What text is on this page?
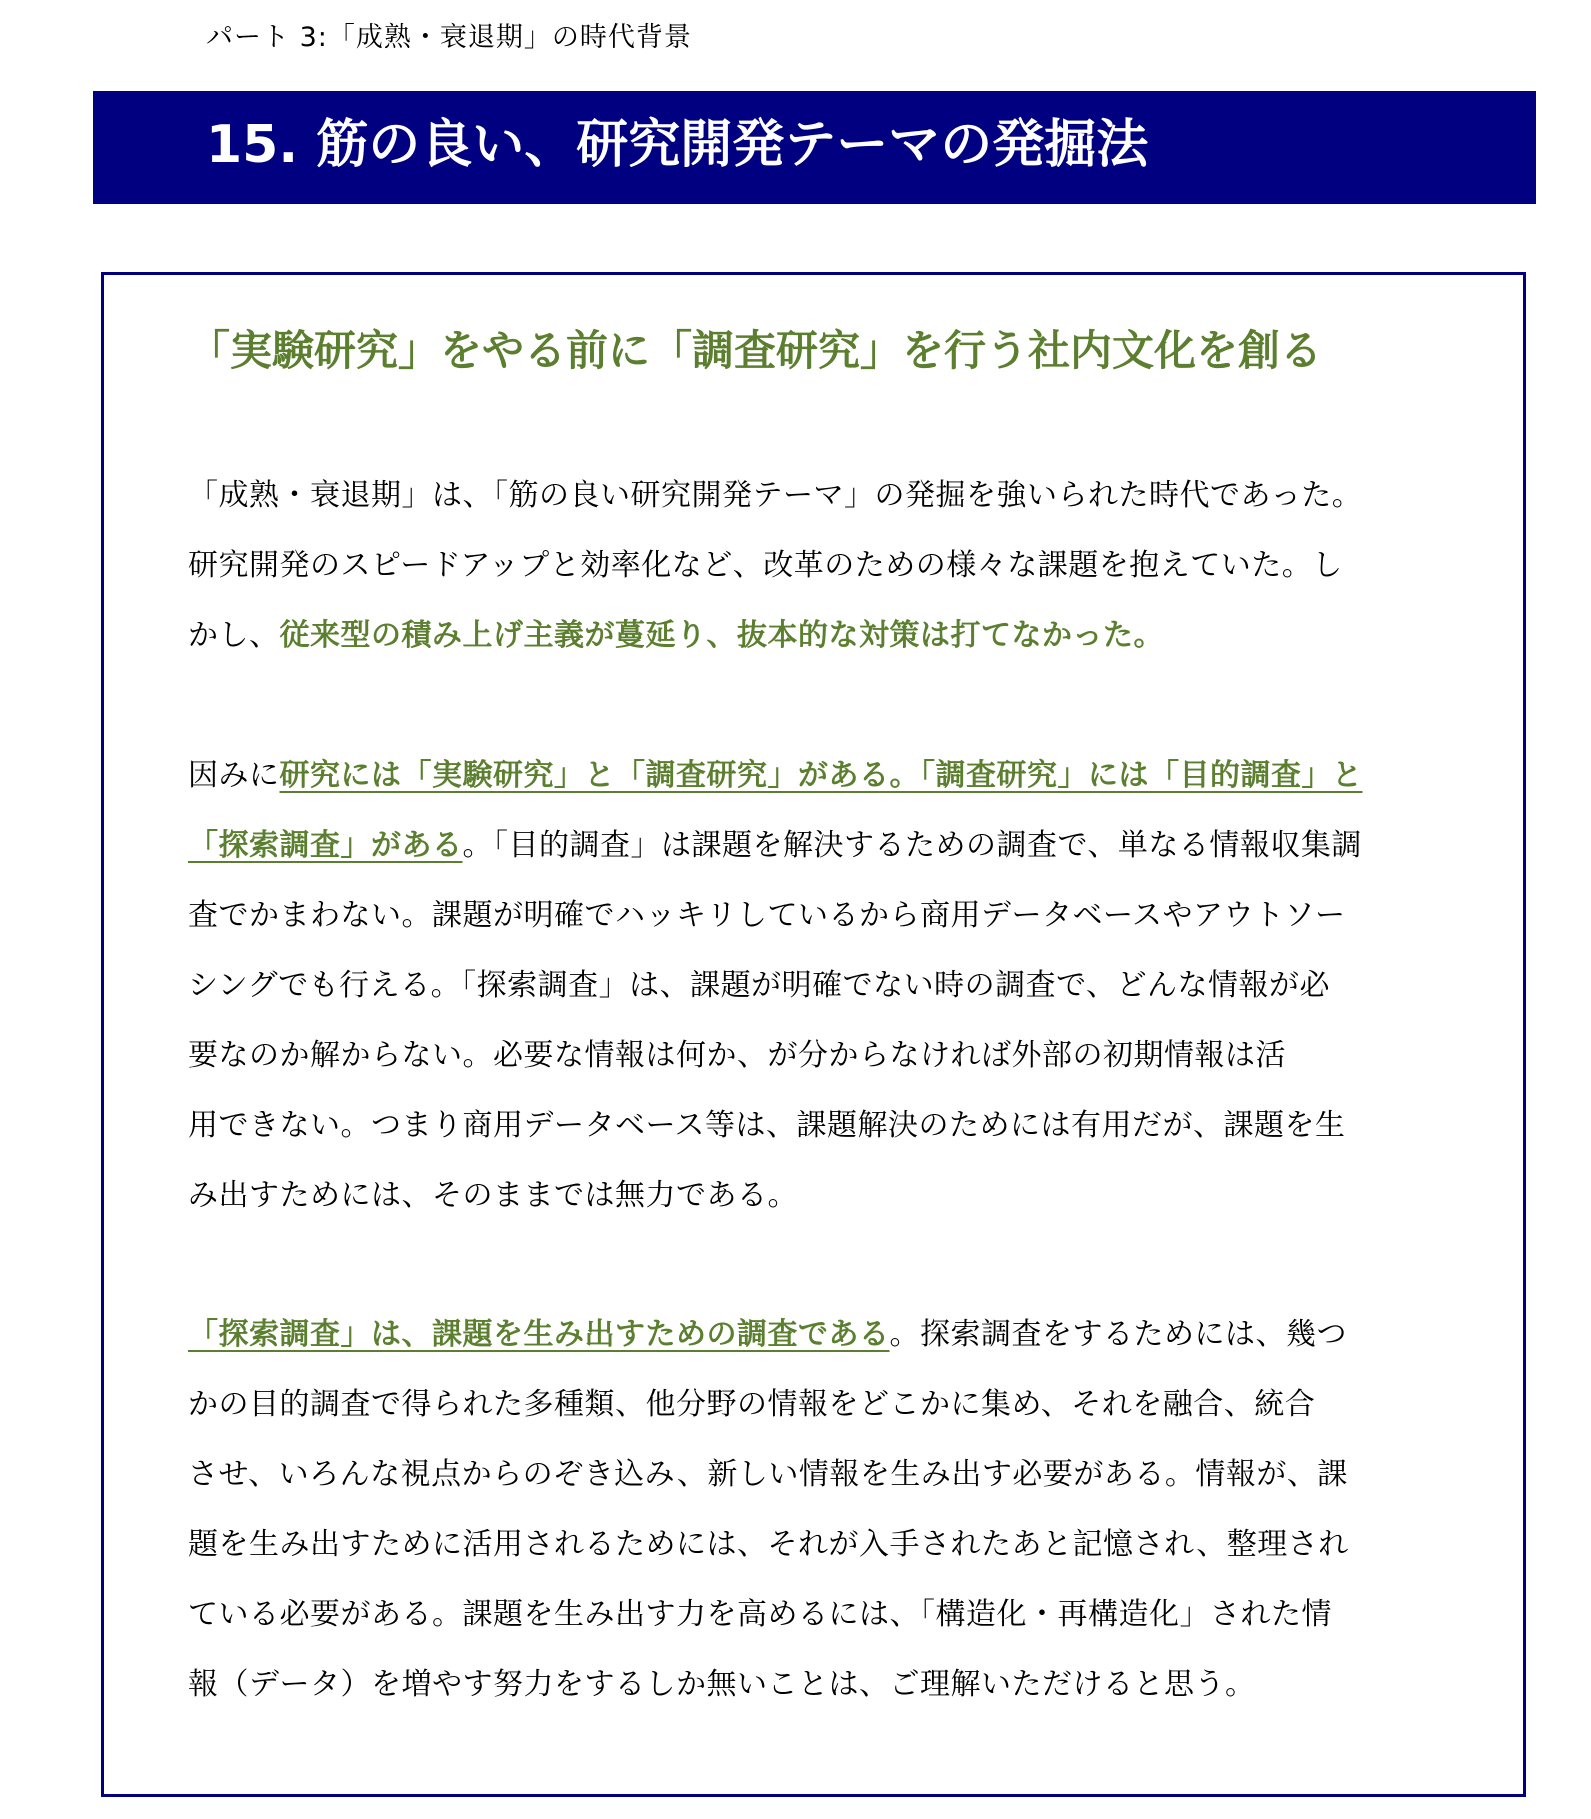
パート 3:「成熟・衰退期」の時代背景
15. 筋の良い、研究開発テーマの発掘法
「実験研究」をやる前に「調査研究」を行う社内文化を創る
「成熟・衰退期」は、「筋の良い研究開発テーマ」の発掘を強いられた時代であった。
研究開発のスピードアップと効率化など、改革のための様々な課題を抱えていた。し
かし、従来型の積み上げ主義が蔓延り、抜本的な対策は打てなかった。
因みに研究には「実験研究」と「調査研究」がある。「調査研究」には「目的調査」と
「探索調査」がある。「目的調査」は課題を解決するための調査で、単なる情報収集調
査でかまわない。課題が明確でハッキリしているから商用データベースやアウトソー
シングでも行える。「探索調査」は、課題が明確でない時の調査で、どんな情報が必
要なのか解からない。必要な情報は何か、が分からなければ外部の初期情報は活
用できない。つまり商用データベース等は、課題解決のためには有用だが、課題を生
み出すためには、そのままでは無力である。
「探索調査」は、課題を生み出すための調査である。探索調査をするためには、幾つ
かの目的調査で得られた多種類、他分野の情報をどこかに集め、それを融合、統合
させ、いろんな視点からのぞき込み、新しい情報を生み出す必要がある。情報が、課
題を生み出すために活用されるためには、それが入手されたあと記憶され、整理され
ている必要がある。課題を生み出す力を高めるには、「構造化・再構造化」された情
報（データ）を増やす努力をするしか無いことは、ご理解いただけると思う。
